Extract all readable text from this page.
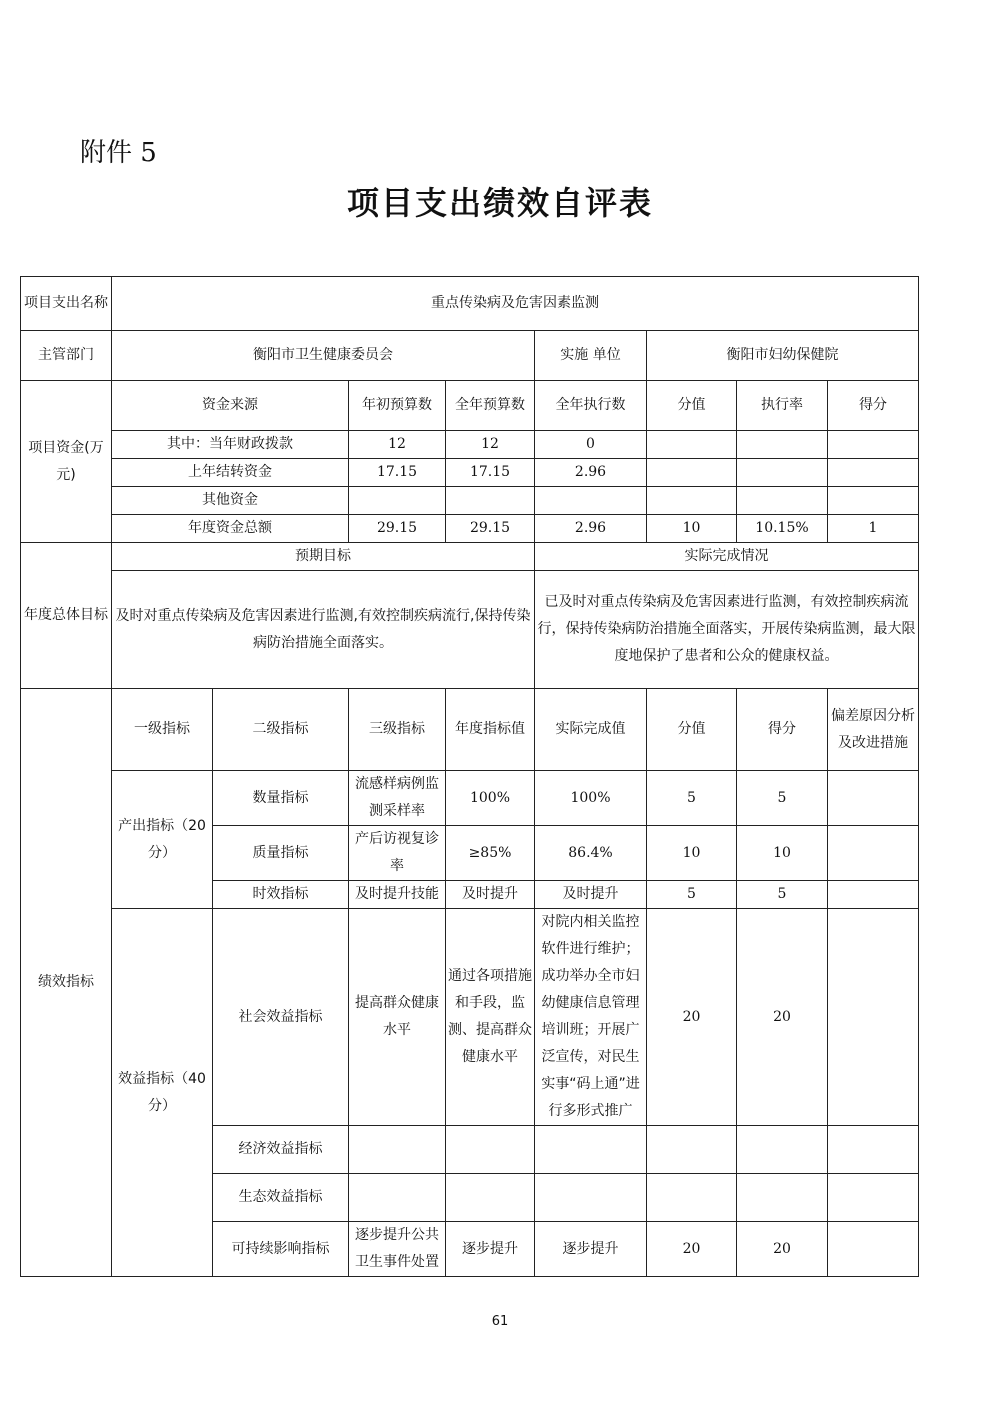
附件 5
项目支出绩效自评表
项目支出名称	重点传染病及危害因素监测							
主管部门	衡阳市卫生健康委员会				实施 单位	衡阳市妇幼保健院		
项目资金(万元)	资金来源		年初预算数	全年预算数	全年执行数	分值	执行率	得分
	其中：当年财政拨款		12	12	0			
	上年结转资金		17.15	17.15	2.96			
	其他资金							
	年度资金总额		29.15	29.15	2.96	10	10.15%	1
年度总体目标	预期目标				实际完成情况			
	及时对重点传染病及危害因素进行监测,有效控制疾病流行,保持传染病防治措施全面落实。				已及时对重点传染病及危害因素进行监测，有效控制疾病流行，保持传染病防治措施全面落实，开展传染病监测，最大限度地保护了患者和公众的健康权益。			
绩效指标	一级指标	二级指标	三级指标	年度指标值	实际完成值	分值	得分	偏差原因分析及改进措施
	产出指标（20分）	数量指标	流感样病例监测采样率	100%	100%	5	5	
		质量指标	产后访视复诊率	≥85%	86.4%	10	10	
		时效指标	及时提升技能	及时提升	及时提升	5	5	
	效益指标（40分）	社会效益指标	提高群众健康水平	通过各项措施和手段，监测、提高群众健康水平	对院内相关监控软件进行维护；成功举办全市妇幼健康信息管理培训班；开展广泛宣传，对民生实事“码上通”进行多形式推广	20	20	
		经济效益指标						
		生态效益指标						
		可持续影响指标	逐步提升公共卫生事件处置	逐步提升	逐步提升	20	20	
61
